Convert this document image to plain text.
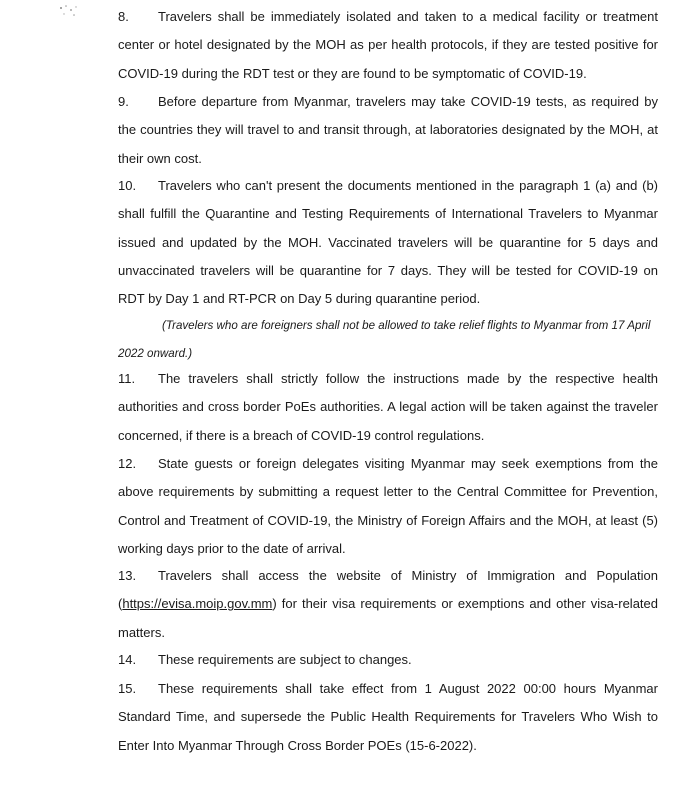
8. Travelers shall be immediately isolated and taken to a medical facility or treatment center or hotel designated by the MOH as per health protocols, if they are tested positive for COVID-19 during the RDT test or they are found to be symptomatic of COVID-19.

9. Before departure from Myanmar, travelers may take COVID-19 tests, as required by the countries they will travel to and transit through, at laboratories designated by the MOH, at their own cost.

10. Travelers who can't present the documents mentioned in the paragraph 1 (a) and (b) shall fulfill the Quarantine and Testing Requirements of International Travelers to Myanmar issued and updated by the MOH. Vaccinated travelers will be quarantine for 5 days and unvaccinated travelers will be quarantine for 7 days. They will be tested for COVID-19 on RDT by Day 1 and RT-PCR on Day 5 during quarantine period.

(Travelers who are foreigners shall not be allowed to take relief flights to Myanmar from 17 April 2022 onward.)

11. The travelers shall strictly follow the instructions made by the respective health authorities and cross border PoEs authorities. A legal action will be taken against the traveler concerned, if there is a breach of COVID-19 control regulations.

12. State guests or foreign delegates visiting Myanmar may seek exemptions from the above requirements by submitting a request letter to the Central Committee for Prevention, Control and Treatment of COVID-19, the Ministry of Foreign Affairs and the MOH, at least (5) working days prior to the date of arrival.

13. Travelers shall access the website of Ministry of Immigration and Population (https://evisa.moip.gov.mm) for their visa requirements or exemptions and other visa-related matters.

14. These requirements are subject to changes.

15. These requirements shall take effect from 1 August 2022 00:00 hours Myanmar Standard Time, and supersede the Public Health Requirements for Travelers Who Wish to Enter Into Myanmar Through Cross Border POEs (15-6-2022).
